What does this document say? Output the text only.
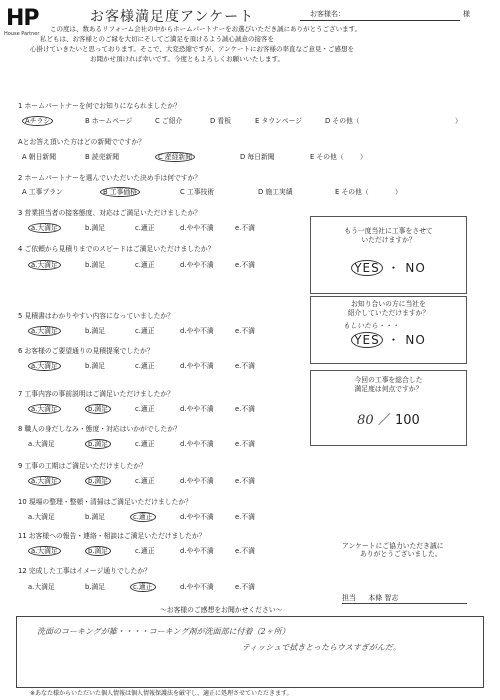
HP
House Partner
お客様満足度アンケート	お客様名：	様
この度は、数あるリフォーム会社の中からホームパートナーをお選びいただき誠にありがとうございます。
私どもは、お客様とのご縁を大切にそしてご満足を頂けるよう誠心誠意の接客を
心掛けていきたいと思っております。そこで、大変恐縮ですが、アンケートにお客様の率直なご意見・ご感想を
お聞かせ頂ければ幸いです。今度ともよろしくお願いいたします。
1 ホームパートナーを何でお知りになられましたか？
Aチラシ	B ホームページ	C ご紹介	D 看板	E タウンページ	D その他（	）
Aとお答え頂いた方はどの新聞でですか？
A 朝日新聞	B 読売新聞	C 産経新聞	D 毎日新聞	E その他（ ）
2 ホームパートナーを選んでいただいた決め手は何ですか？
A 工事プラン	B 工事価格	C 工事技術	D 施工実績	E その他（	）
3 営業担当者の接客態度、対応はご満足いただけましたか？
a.大満足	b.満足	c.適正	d.やや不満	e.不満
4 ご依頼から見積りまでのスピードはご満足いただけましたか？
a.大満足	b.満足	c.適正	d.やや不満	e.不満
5 見積書はわかりやすい内容になっていましたか？
a.大満足	b.満足	c.適正	d.やや不満	e.不満
6 お客様のご要望通りの見積提案でしたか？
a.大満足	b.満足	c.適正	d.やや不満	e.不満
7 工事内容の事前説明はご満足いただけましたか？
a.大満足	b.満足	c.適正	d.やや不満	e.不満
8 職人の身だしなみ・態度・対応はいかがでしたか？
a.大満足	b.満足	c.適正	d.やや不満	e.不満
9 工事の工期はご満足いただけましたか？
a.大満足	b.満足	c.適正	d.やや不満	e.不満
10 現場の整理・整頓・清掃はご満足いただけましたか？
a.大満足	b.満足	c.適正	d.やや不満	e.不満
11 お客様への報告・連絡・相談はご満足いただけましたか？
a.大満足	b.満足	c.適正	d.やや不満	e.不満
12 完成した工事はイメージ通りでしたか？
a.大満足	b.満足	c.適正	d.やや不満	e.不満
もう一度当社に工事をさせて
いただけますか？
YES ・ NO
お知り合いの方に当社を
紹介していただけますか？
もしいたら・・・
YES ・ NO
今回の工事を総合した
満足度は何点ですか？
80 ／ 100
アンケートにご協力いただき誠に
ありがとうございました。
担当 本條 智志
～お客様のご感想をお聞かせください～
洗面のコーキングが雑・・・・コーキング剤が洗面部に付着（2ヶ所）
ティッシュで拭きとったらウスすぎがんだ。
※あなた様からいただいた個人情報は個人情報保護法を厳守し、適正に処理させていただきます。
